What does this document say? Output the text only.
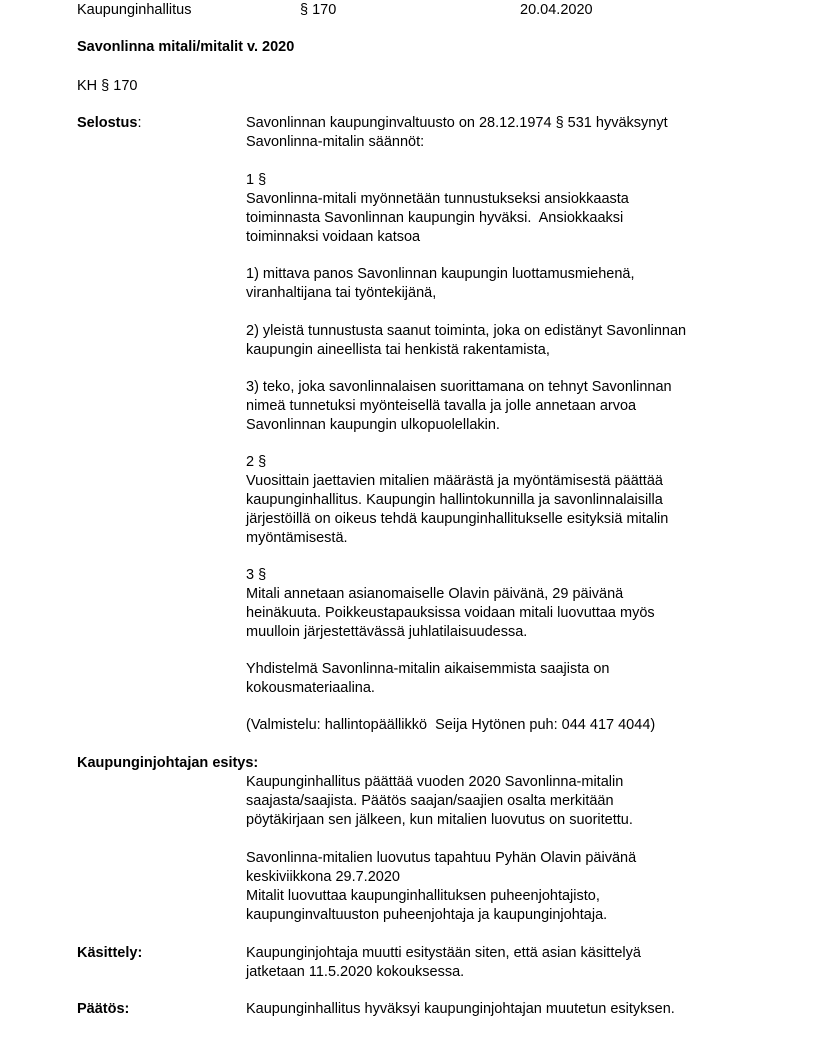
Kaupunginhallitus	§ 170	20.04.2020
Savonlinna mitali/mitalit v. 2020
KH § 170
Selostus:	Savonlinnan kaupunginvaltuusto on 28.12.1974 § 531 hyväksynyt
Savonlinna-mitalin säännöt:
1 §
Savonlinna-mitali myönnetään tunnustukseksi ansiokkaasta
toiminnasta Savonlinnan kaupungin hyväksi.  Ansiokkaaksi
toiminnaksi voidaan katsoa
1) mittava panos Savonlinnan kaupungin luottamusmiehenä,
viranhaltijana tai työntekijänä,
2) yleistä tunnustusta saanut toiminta, joka on edistänyt Savonlinnan
kaupungin aineellista tai henkistä rakentamista,
3) teko, joka savonlinnalaisen suorittamana on tehnyt Savonlinnan
nimeä tunnetuksi myönteisellä tavalla ja jolle annetaan arvoa
Savonlinnan kaupungin ulkopuolellakin.
2 §
Vuosittain jaettavien mitalien määrästä ja myöntämisestä päättää
kaupunginhallitus. Kaupungin hallintokunnilla ja savonlinnalaisilla
järjestöillä on oikeus tehdä kaupunginhallitukselle esityksiä mitalin
myöntämisestä.
3 §
Mitali annetaan asianomaiselle Olavin päivänä, 29 päivänä
heinäkuuta. Poikkeustapauksissa voidaan mitali luovuttaa myös
muulloin järjestettävässä juhlatilaisuudessa.
Yhdistelmä Savonlinna-mitalin aikaisemmista saajista on
kokousmateriaalina.
(Valmistelu: hallintopäällikkö  Seija Hytönen puh: 044 417 4044)
Kaupunginjohtajan esitys:
Kaupunginhallitus päättää vuoden 2020 Savonlinna-mitalin
saajasta/saajista. Päätös saajan/saajien osalta merkitään
pöytäkirjaan sen jälkeen, kun mitalien luovutus on suoritettu.
Savonlinna-mitalien luovutus tapahtuu Pyhän Olavin päivänä
keskiviikkona 29.7.2020
Mitalit luovuttaa kaupunginhallituksen puheenjohtajisto,
kaupunginvaltuuston puheenjohtaja ja kaupunginjohtaja.
Käsittely:	Kaupunginjohtaja muutti esitystään siten, että asian käsittelyä
jatketaan 11.5.2020 kokouksessa.
Päätös:	Kaupunginhallitus hyväksyi kaupunginjohtajan muutetun esityksen.
